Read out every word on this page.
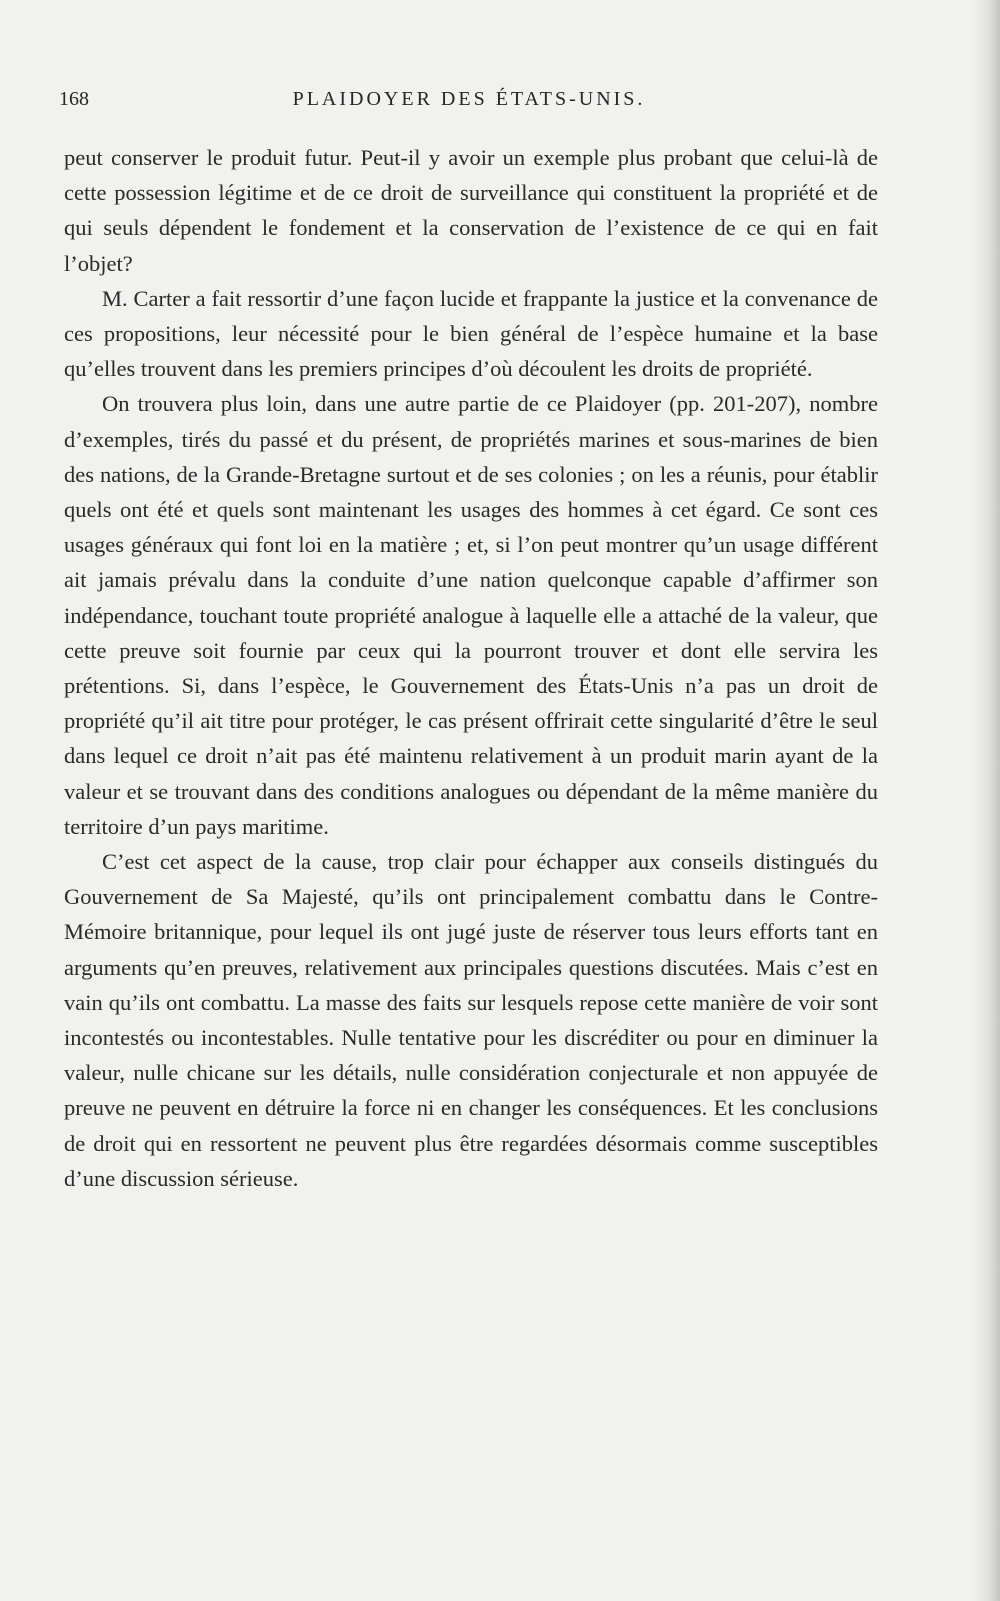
168	PLAIDOYER DES ÉTATS-UNIS.

peut conserver le produit futur. Peut-il y avoir un exemple plus probant que celui-là de cette possession légitime et de ce droit de surveillance qui constituent la propriété et de qui seuls dépendent le fondement et la conservation de l’existence de ce qui en fait l’objet?

M. Carter a fait ressortir d’une façon lucide et frappante la justice et la convenance de ces propositions, leur nécessité pour le bien général de l’espèce humaine et la base qu’elles trouvent dans les premiers principes d’où découlent les droits de propriété.

On trouvera plus loin, dans une autre partie de ce Plaidoyer (pp. 201-207), nombre d’exemples, tirés du passé et du présent, de propriétés marines et sous-marines de bien des nations, de la Grande-Bretagne surtout et de ses colonies ; on les a réunis, pour établir quels ont été et quels sont maintenant les usages des hommes à cet égard. Ce sont ces usages généraux qui font loi en la matière ; et, si l’on peut montrer qu’un usage différent ait jamais prévalu dans la conduite d’une nation quelconque capable d’affirmer son indépendance, touchant toute propriété analogue à laquelle elle a attaché de la valeur, que cette preuve soit fournie par ceux qui la pourront trouver et dont elle servira les prétentions. Si, dans l’espèce, le Gouvernement des États-Unis n’a pas un droit de propriété qu’il ait titre pour protéger, le cas présent offrirait cette singularité d’être le seul dans lequel ce droit n’ait pas été maintenu relativement à un produit marin ayant de la valeur et se trouvant dans des conditions analogues ou dépendant de la même manière du territoire d’un pays maritime.

C’est cet aspect de la cause, trop clair pour échapper aux conseils distingués du Gouvernement de Sa Majesté, qu’ils ont principalement combattu dans le Contre-Mémoire britannique, pour lequel ils ont jugé juste de réserver tous leurs efforts tant en arguments qu’en preuves, relativement aux principales questions discutées. Mais c’est en vain qu’ils ont combattu. La masse des faits sur lesquels repose cette manière de voir sont incontestés ou incontestables. Nulle tentative pour les discréditer ou pour en diminuer la valeur, nulle chicane sur les détails, nulle considération conjecturale et non appuyée de preuve ne peuvent en détruire la force ni en changer les conséquences. Et les conclusions de droit qui en ressortent ne peuvent plus être regardées désormais comme susceptibles d’une discussion sérieuse.
